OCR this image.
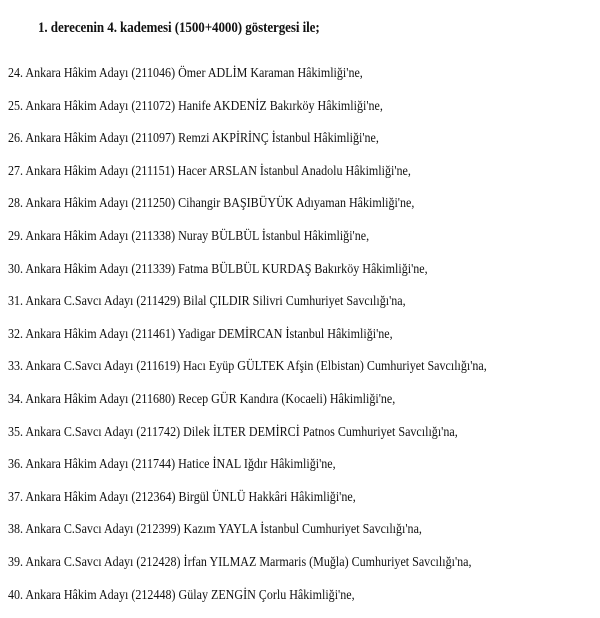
1. derecenin 4. kademesi (1500+4000) göstergesi ile;
24. Ankara Hâkim Adayı (211046) Ömer ADLİM Karaman Hâkimliği'ne,
25. Ankara Hâkim Adayı (211072) Hanife AKDENİZ Bakırköy Hâkimliği'ne,
26. Ankara Hâkim Adayı (211097) Remzi AKPİRİNÇ İstanbul Hâkimliği'ne,
27. Ankara Hâkim Adayı (211151) Hacer ARSLAN İstanbul Anadolu Hâkimliği'ne,
28. Ankara Hâkim Adayı (211250) Cihangir BAŞIBÜYÜK Adıyaman Hâkimliği'ne,
29. Ankara Hâkim Adayı (211338) Nuray BÜLBÜL İstanbul Hâkimliği'ne,
30. Ankara Hâkim Adayı (211339) Fatma BÜLBÜL KURDAŞ Bakırköy Hâkimliği'ne,
31. Ankara C.Savcı Adayı (211429) Bilal ÇILDIR Silivri Cumhuriyet Savcılığı'na,
32. Ankara Hâkim Adayı (211461) Yadigar DEMİRCAN İstanbul Hâkimliği'ne,
33. Ankara C.Savcı Adayı (211619) Hacı Eyüp GÜLTEK Afşin (Elbistan) Cumhuriyet Savcılığı'na,
34. Ankara Hâkim Adayı (211680) Recep GÜR Kandıra (Kocaeli) Hâkimliği'ne,
35. Ankara C.Savcı Adayı (211742) Dilek İLTER DEMİRCİ Patnos Cumhuriyet Savcılığı'na,
36. Ankara Hâkim Adayı (211744) Hatice İNAL Iğdır Hâkimliği'ne,
37. Ankara Hâkim Adayı (212364) Birgül ÜNLÜ Hakkâri Hâkimliği'ne,
38. Ankara C.Savcı Adayı (212399) Kazım YAYLA İstanbul Cumhuriyet Savcılığı'na,
39. Ankara C.Savcı Adayı (212428) İrfan YILMAZ Marmaris (Muğla) Cumhuriyet Savcılığı'na,
40. Ankara Hâkim Adayı (212448) Gülay ZENGİN Çorlu Hâkimliği'ne,
